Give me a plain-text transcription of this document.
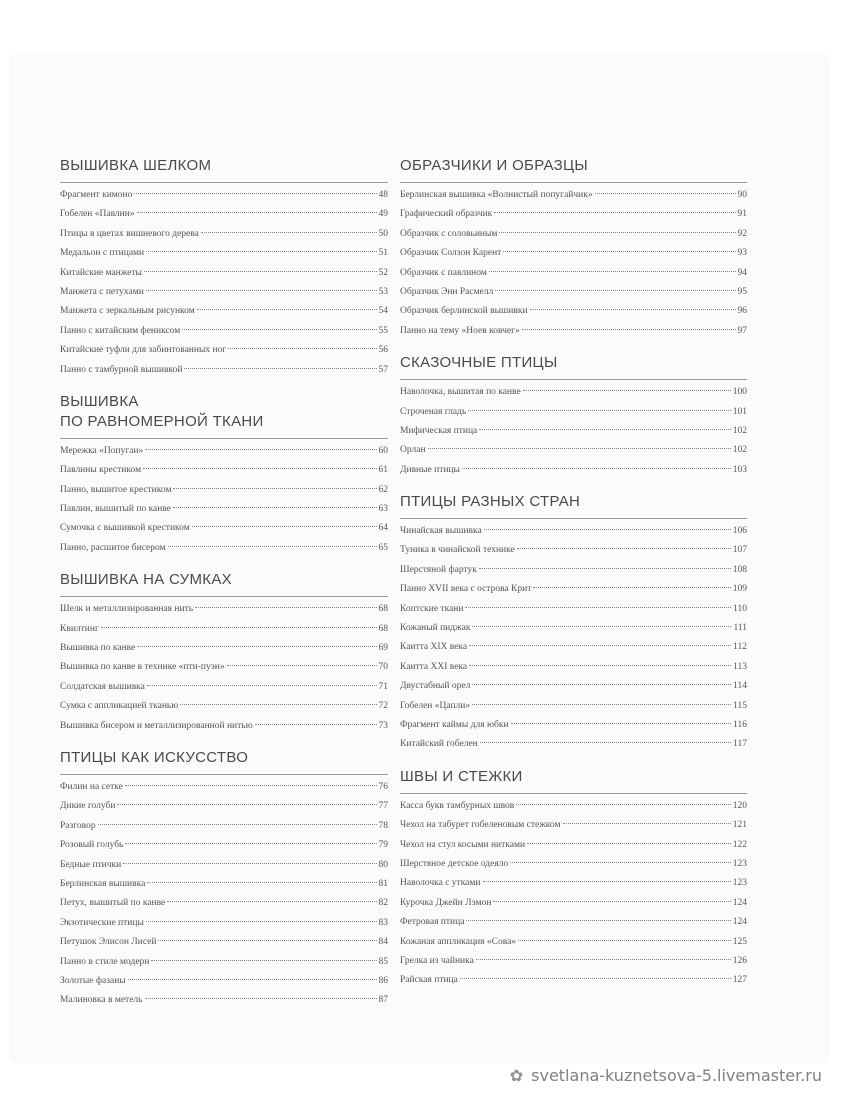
ВЫШИВКА ШЕЛКОМ
Фрагмент кимоно	48
Гобелен «Павлин»	49
Птицы в цветах вишневого дерева	50
Медальон с птицами	51
Китайские манжеты	52
Манжета с петухами	53
Манжета с зеркальным рисунком	54
Панно с китайским фениксом	55
Китайские туфли для забинтованных ног	56
Панно с тамбурной вышивкой	57
ВЫШИВКА
ПО РАВНОМЕРНОЙ ТКАНИ
Мережка «Попугаи»	60
Павлины крестиком	61
Панно, вышитое крестиком	62
Павлин, вышитый по канве	63
Сумочка с вышивкой крестиком	64
Панно, расшитое бисером	65
ВЫШИВКА НА СУМКАХ
Шелк и металлизированная нить	68
Квилтинг	68
Вышивка по канве	69
Вышивка по канве в технике «пти-пуэн»	70
Солдатская вышивка	71
Сумка с аппликацией тканью	72
Вышивка бисером и металлизированной нитью	73
ПТИЦЫ КАК ИСКУССТВО
Филин на сетке	76
Дикие голуби	77
Разговор	78
Розовый голубь	79
Бедные птички	80
Берлинская вышивка	81
Петух, вышитый по канве	82
Экзотические птицы	83
Петушок Элисон Лисей	84
Панно в стиле модерн	85
Золотые фазаны	86
Малиновка в метель	87
ОБРАЗЧИКИ И ОБРАЗЦЫ
Берлинская вышивка «Волнистый попугайчик»	90
Графический образчик	91
Образчик с соловьиным	92
Образчик Солзон Карент	93
Образчик с павлином	94
Образчик Энн Расмелл	95
Образчик берлинской вышивки	96
Панно на тему «Ноев ковчег»	97
СКАЗОЧНЫЕ ПТИЦЫ
Наволочка, вышитая по канве	100
Строченая гладь	101
Мифическая птица	102
Орлан	102
Дивные птицы	103
ПТИЦЫ РАЗНЫХ СТРАН
Чинайская вышивка	106
Туника в чинайской технике	107
Шерстяной фартук	108
Панно XVII века с острова Крит	109
Коптские ткани	110
Кожаный пиджак	111
Каитта XIX века	112
Каитта XXI века	113
Двустабный орел	114
Гобелен «Цапли»	115
Фрагмент каймы для юбки	116
Китайский гобелен	117
ШВЫ И СТЕЖКИ
Касса букв тамбурных швов	120
Чехол на табурет гобеленовым стежком	121
Чехол на стул косыми нитками	122
Шерстяное детское одеяло	123
Наволочка с утками	123
Курочка Джейн Лэмон	124
Фетровая птица	124
Кожаная аппликация «Сова»	125
Грелка из чайника	126
Райская птица	127
✿ svetlana-kuznetsova-5.livemaster.ru
